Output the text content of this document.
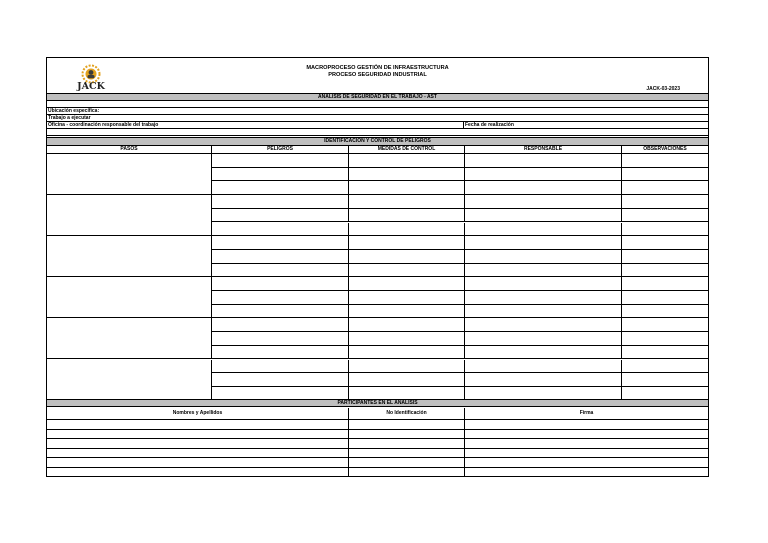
JACK
MACROPROCESO GESTIÓN DE INFRAESTRUCTURA
PROCESO SEGURIDAD INDUSTRIAL
JACK-03-2023
ANALISIS DE SEGURIDAD EN EL TRABAJO - AST
Ubicación específica:
Trabajo a ejecutar
Oficina - coordinación responsable del trabajo	Fecha de realización
IDENTIFICACION Y CONTROL DE PELIGROS
PASOS	PELIGROS	MEDIDAS DE CONTROL	RESPONSABLE	OBSERVACIONES
PARTICIPANTES EN EL ANÁLISIS
Nombres y Apellidos	No Identificación	Firma
